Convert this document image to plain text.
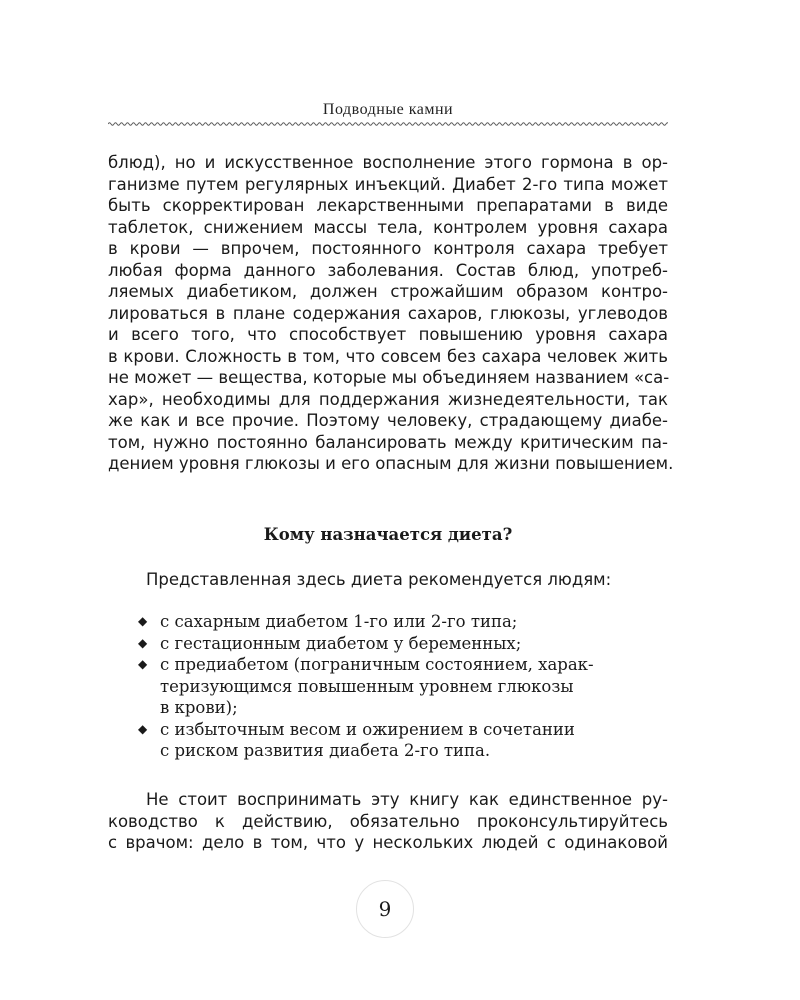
Подводные камни
блюд), но и искусственное восполнение этого гормона в ор-
ганизме путем регулярных инъекций. Диабет 2-го типа может
быть скорректирован лекарственными препаратами в виде
таблеток, снижением массы тела, контролем уровня сахара
в крови — впрочем, постоянного контроля сахара требует
любая форма данного заболевания. Состав блюд, употреб-
ляемых диабетиком, должен строжайшим образом контро-
лироваться в плане содержания сахаров, глюкозы, углеводов
и всего того, что способствует повышению уровня сахара
в крови. Сложность в том, что совсем без сахара человек жить
не может — вещества, которые мы объединяем названием «са-
хар», необходимы для поддержания жизнедеятельности, так
же как и все прочие. Поэтому человеку, страдающему диабе-
том, нужно постоянно балансировать между критическим па-
дением уровня глюкозы и его опасным для жизни повышением.
Кому назначается диета?
Представленная здесь диета рекомендуется людям:
◆ с сахарным диабетом 1-го или 2-го типа;
◆ с гестационным диабетом у беременных;
◆ с предиабетом (пограничным состоянием, харак-
теризующимся повышенным уровнем глюкозы
в крови);
◆ с избыточным весом и ожирением в сочетании
с риском развития диабета 2-го типа.
Не стоит воспринимать эту книгу как единственное ру-
ководство к действию, обязательно проконсультируйтесь
с врачом: дело в том, что у нескольких людей с одинаковой
9
